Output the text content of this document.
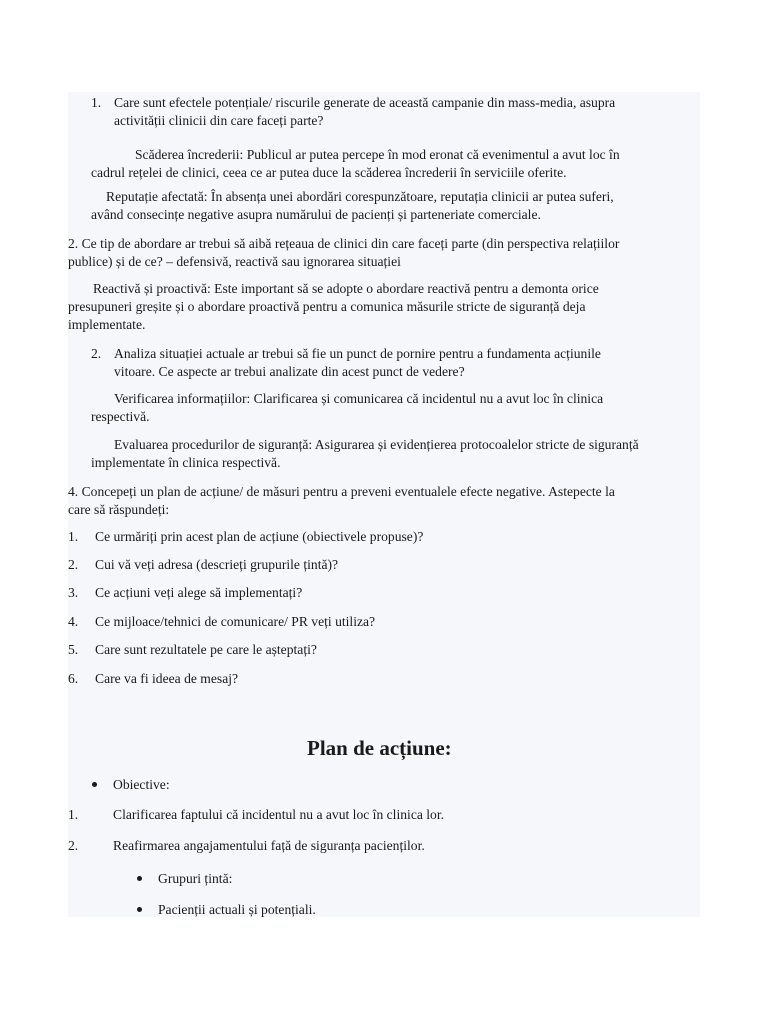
1. Care sunt efectele potențiale/ riscurile generate de această campanie din mass-media, asupra
activității clinicii din care faceți parte?
Scăderea încrederii: Publicul ar putea percepe în mod eronat că evenimentul a avut loc în
cadrul rețelei de clinici, ceea ce ar putea duce la scăderea încrederii în serviciile oferite.
Reputație afectată: În absența unei abordări corespunzătoare, reputația clinicii ar putea suferi,
având consecințe negative asupra numărului de pacienți și parteneriate comerciale.
2. Ce tip de abordare ar trebui să aibă rețeaua de clinici din care faceți parte (din perspectiva relațiilor
publice) și de ce? – defensivă, reactivă sau ignorarea situației
Reactivă și proactivă: Este important să se adopte o abordare reactivă pentru a demonta orice
presupuneri greșite și o abordare proactivă pentru a comunica măsurile stricte de siguranță deja
implementate.
2. Analiza situației actuale ar trebui să fie un punct de pornire pentru a fundamenta acțiunile
vitoare. Ce aspecte ar trebui analizate din acest punct de vedere?
Verificarea informațiilor: Clarificarea și comunicarea că incidentul nu a avut loc în clinica
respectivă.
Evaluarea procedurilor de siguranță: Asigurarea și evidențierea protocoalelor stricte de siguranță
implementate în clinica respectivă.
4. Concepeți un plan de acțiune/ de măsuri pentru a preveni eventualele efecte negative. Astepecte la
care să răspundeți:
1. Ce urmăriți prin acest plan de acțiune (obiectivele propuse)?
2. Cui vă veți adresa (descrieți grupurile țintă)?
3. Ce acțiuni veți alege să implementați?
4. Ce mijloace/tehnici de comunicare/ PR veți utiliza?
5. Care sunt rezultatele pe care le așteptați?
6. Care va fi ideea de mesaj?
Plan de acțiune:
Obiective:
1.	Clarificarea faptului că incidentul nu a avut loc în clinica lor.
2.	Reafirmarea angajamentului față de siguranța pacienților.
Grupuri țintă:
Pacienții actuali și potențiali.
